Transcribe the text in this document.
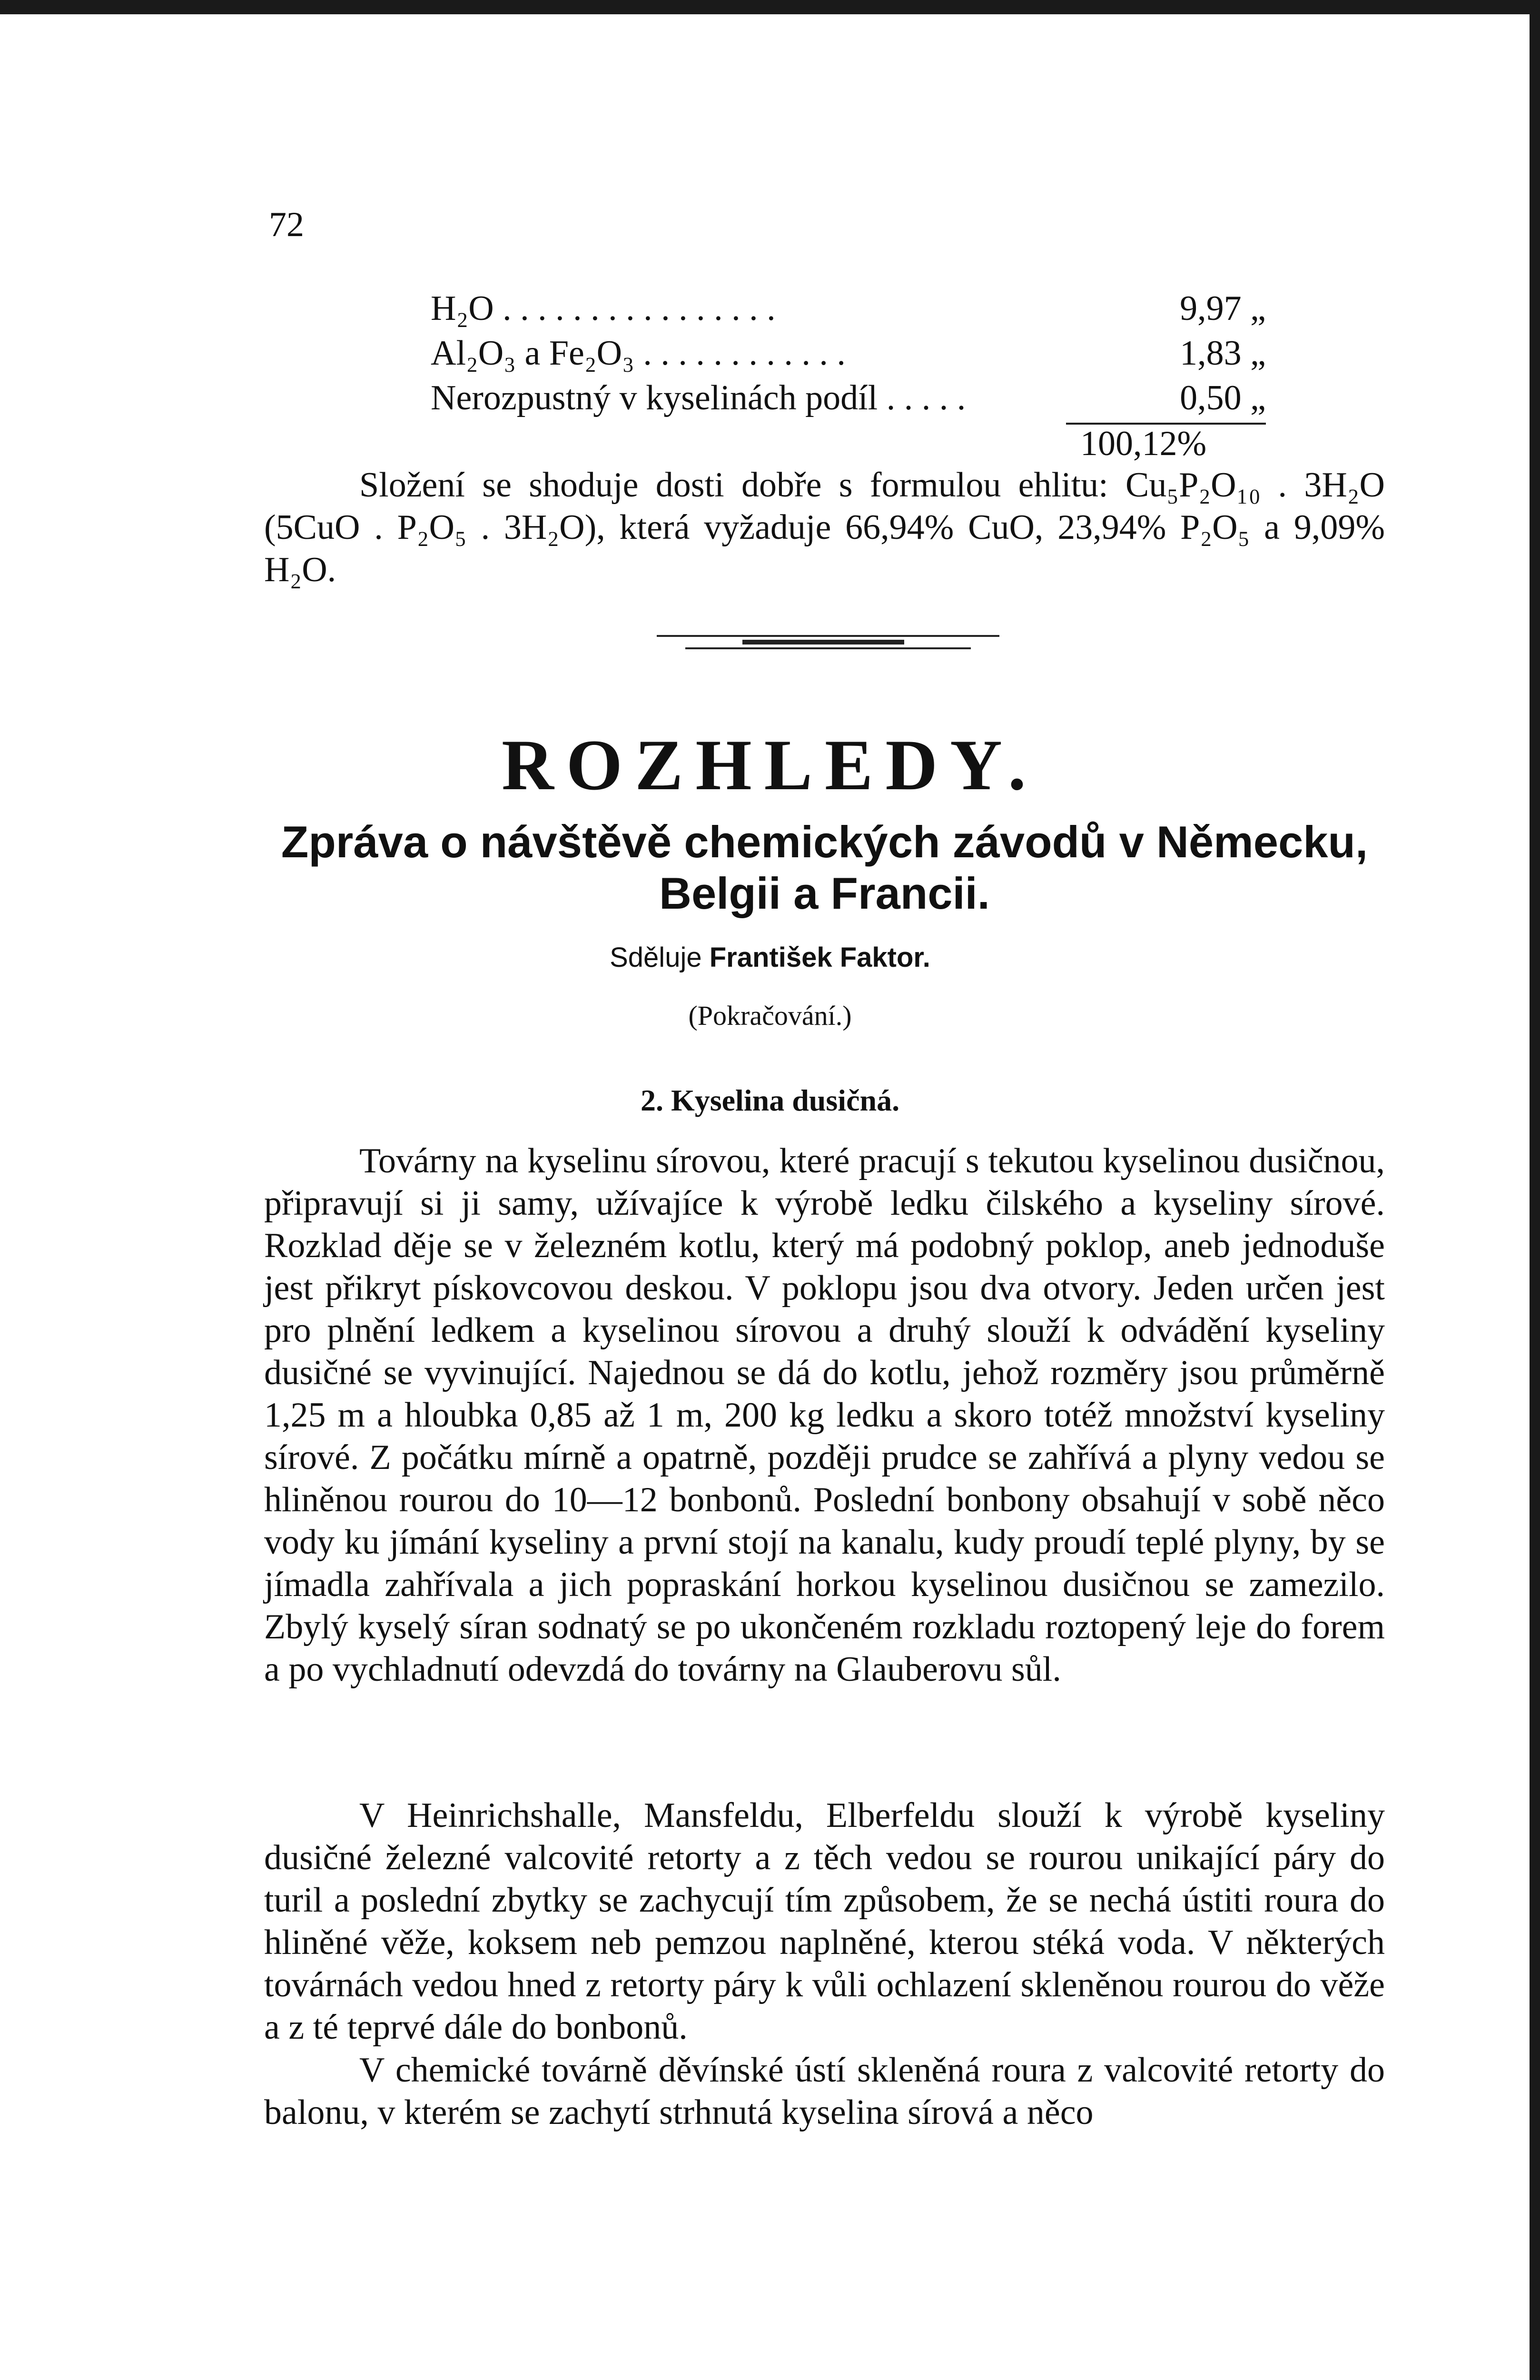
72
H₂O . . . . . . . . . . . . . . . .	9,97 „
Al₂O₃ a Fe₂O₃ . . . . . . . . . . . .	1,83 „
Nerozpustný v kyselinách podíl . . . . .	0,50 „
100,12%

Složení se shoduje dosti dobře s formulou ehlitu: Cu₅P₂O₁₀ . 3H₂O (5CuO . P₂O₅ . 3H₂O), která vyžaduje 66,94% CuO, 23,94% P₂O₅ a 9,09% H₂O.

ROZHLEDY.

Zpráva o návštěvě chemických závodů v Německu, Belgii a Francii.

Sděluje František Faktor.
(Pokračování.)
2. Kyselina dusičná.

Továrny na kyselinu sírovou, které pracují s tekutou kyselinou dusičnou, připravují si ji samy, užívajíce k výrobě ledku čilského a kyseliny sírové. Rozklad děje se v železném kotlu, který má podobný poklop, aneb jednoduše jest přikryt pískovcovou deskou. V poklopu jsou dva otvory. Jeden určen jest pro plnění ledkem a kyselinou sírovou a druhý slouží k odvádění kyseliny dusičné se vyvinující. Najednou se dá do kotlu, jehož rozměry jsou průměrně 1,25 m a hloubka 0,85 až 1 m, 200 kg ledku a skoro totéž množství kyseliny sírové. Z počátku mírně a opatrně, později prudce se zahřívá a plyny vedou se hliněnou rourou do 10—12 bonbonů. Poslední bonbony obsahují v sobě něco vody ku jímání kyseliny a první stojí na kanalu, kudy proudí teplé plyny, by se jímadla zahřívala a jich popraskání horkou kyselinou dusičnou se zamezilo. Zbylý kyselý síran sodnatý se po ukončeném rozkladu roztopený leje do forem a po vychladnutí odevzdá do továrny na Glauberovu sůl.

V Heinrichshalle, Mansfeldu, Elberfeldu slouží k výrobě kyseliny dusičné železné valcovité retorty a z těch vedou se rourou unikající páry do turil a poslední zbytky se zachycují tím způsobem, že se nechá ústiti roura do hliněné věže, koksem neb pemzou naplněné, kterou stéká voda. V některých továrnách vedou hned z retorty páry k vůli ochlazení skleněnou rourou do věže a z té teprvé dále do bonbonů.

V chemické továrně děvínské ústí skleněná roura z valcovité retorty do balonu, v kterém se zachytí strhnutá kyselina sírová a něco
